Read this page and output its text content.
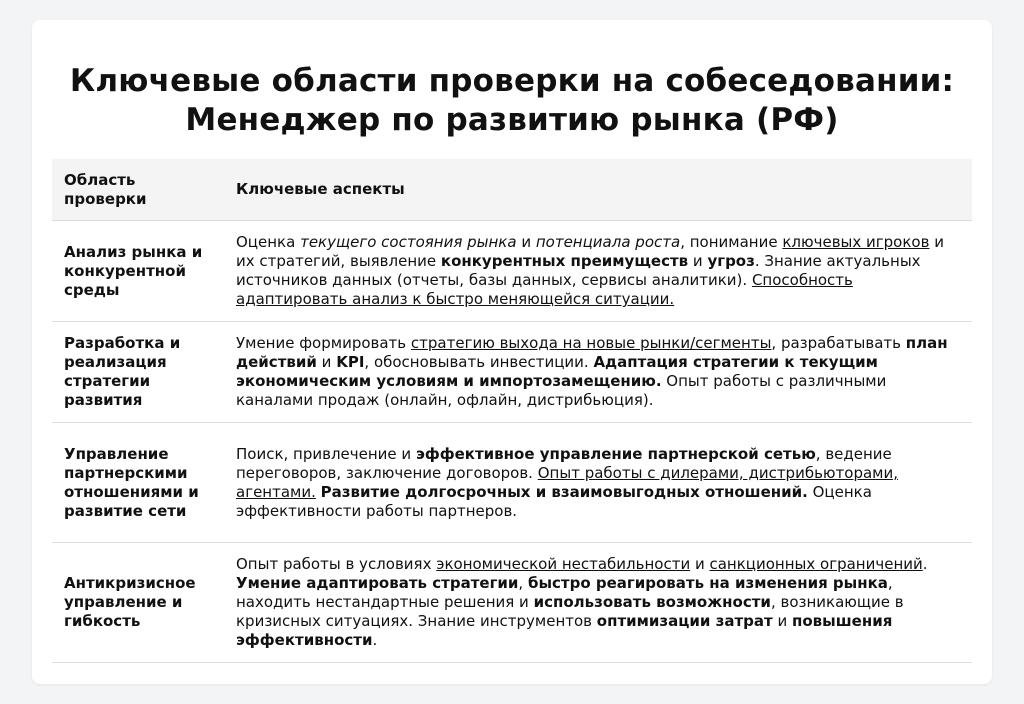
Ключевые области проверки на собеседовании:
Менеджер по развитию рынка (РФ)
Область проверки
Ключевые аспекты
Анализ рынка и конкурентной среды
Оценка текущего состояния рынка и потенциала роста, понимание ключевых игроков и их стратегий, выявление конкурентных преимуществ и угроз. Знание актуальных источников данных (отчеты, базы данных, сервисы аналитики). Способность адаптировать анализ к быстро меняющейся ситуации.
Разработка и реализация стратегии развития
Умение формировать стратегию выхода на новые рынки/сегменты, разрабатывать план действий и KPI, обосновывать инвестиции. Адаптация стратегии к текущим экономическим условиям и импортозамещению. Опыт работы с различными каналами продаж (онлайн, офлайн, дистрибьюция).
Управление партнерскими отношениями и развитие сети
Поиск, привлечение и эффективное управление партнерской сетью, ведение переговоров, заключение договоров. Опыт работы с дилерами, дистрибьюторами, агентами. Развитие долгосрочных и взаимовыгодных отношений. Оценка эффективности работы партнеров.
Антикризисное управление и гибкость
Опыт работы в условиях экономической нестабильности и санкционных ограничений. Умение адаптировать стратегии, быстро реагировать на изменения рынка, находить нестандартные решения и использовать возможности, возникающие в кризисных ситуациях. Знание инструментов оптимизации затрат и повышения эффективности.
